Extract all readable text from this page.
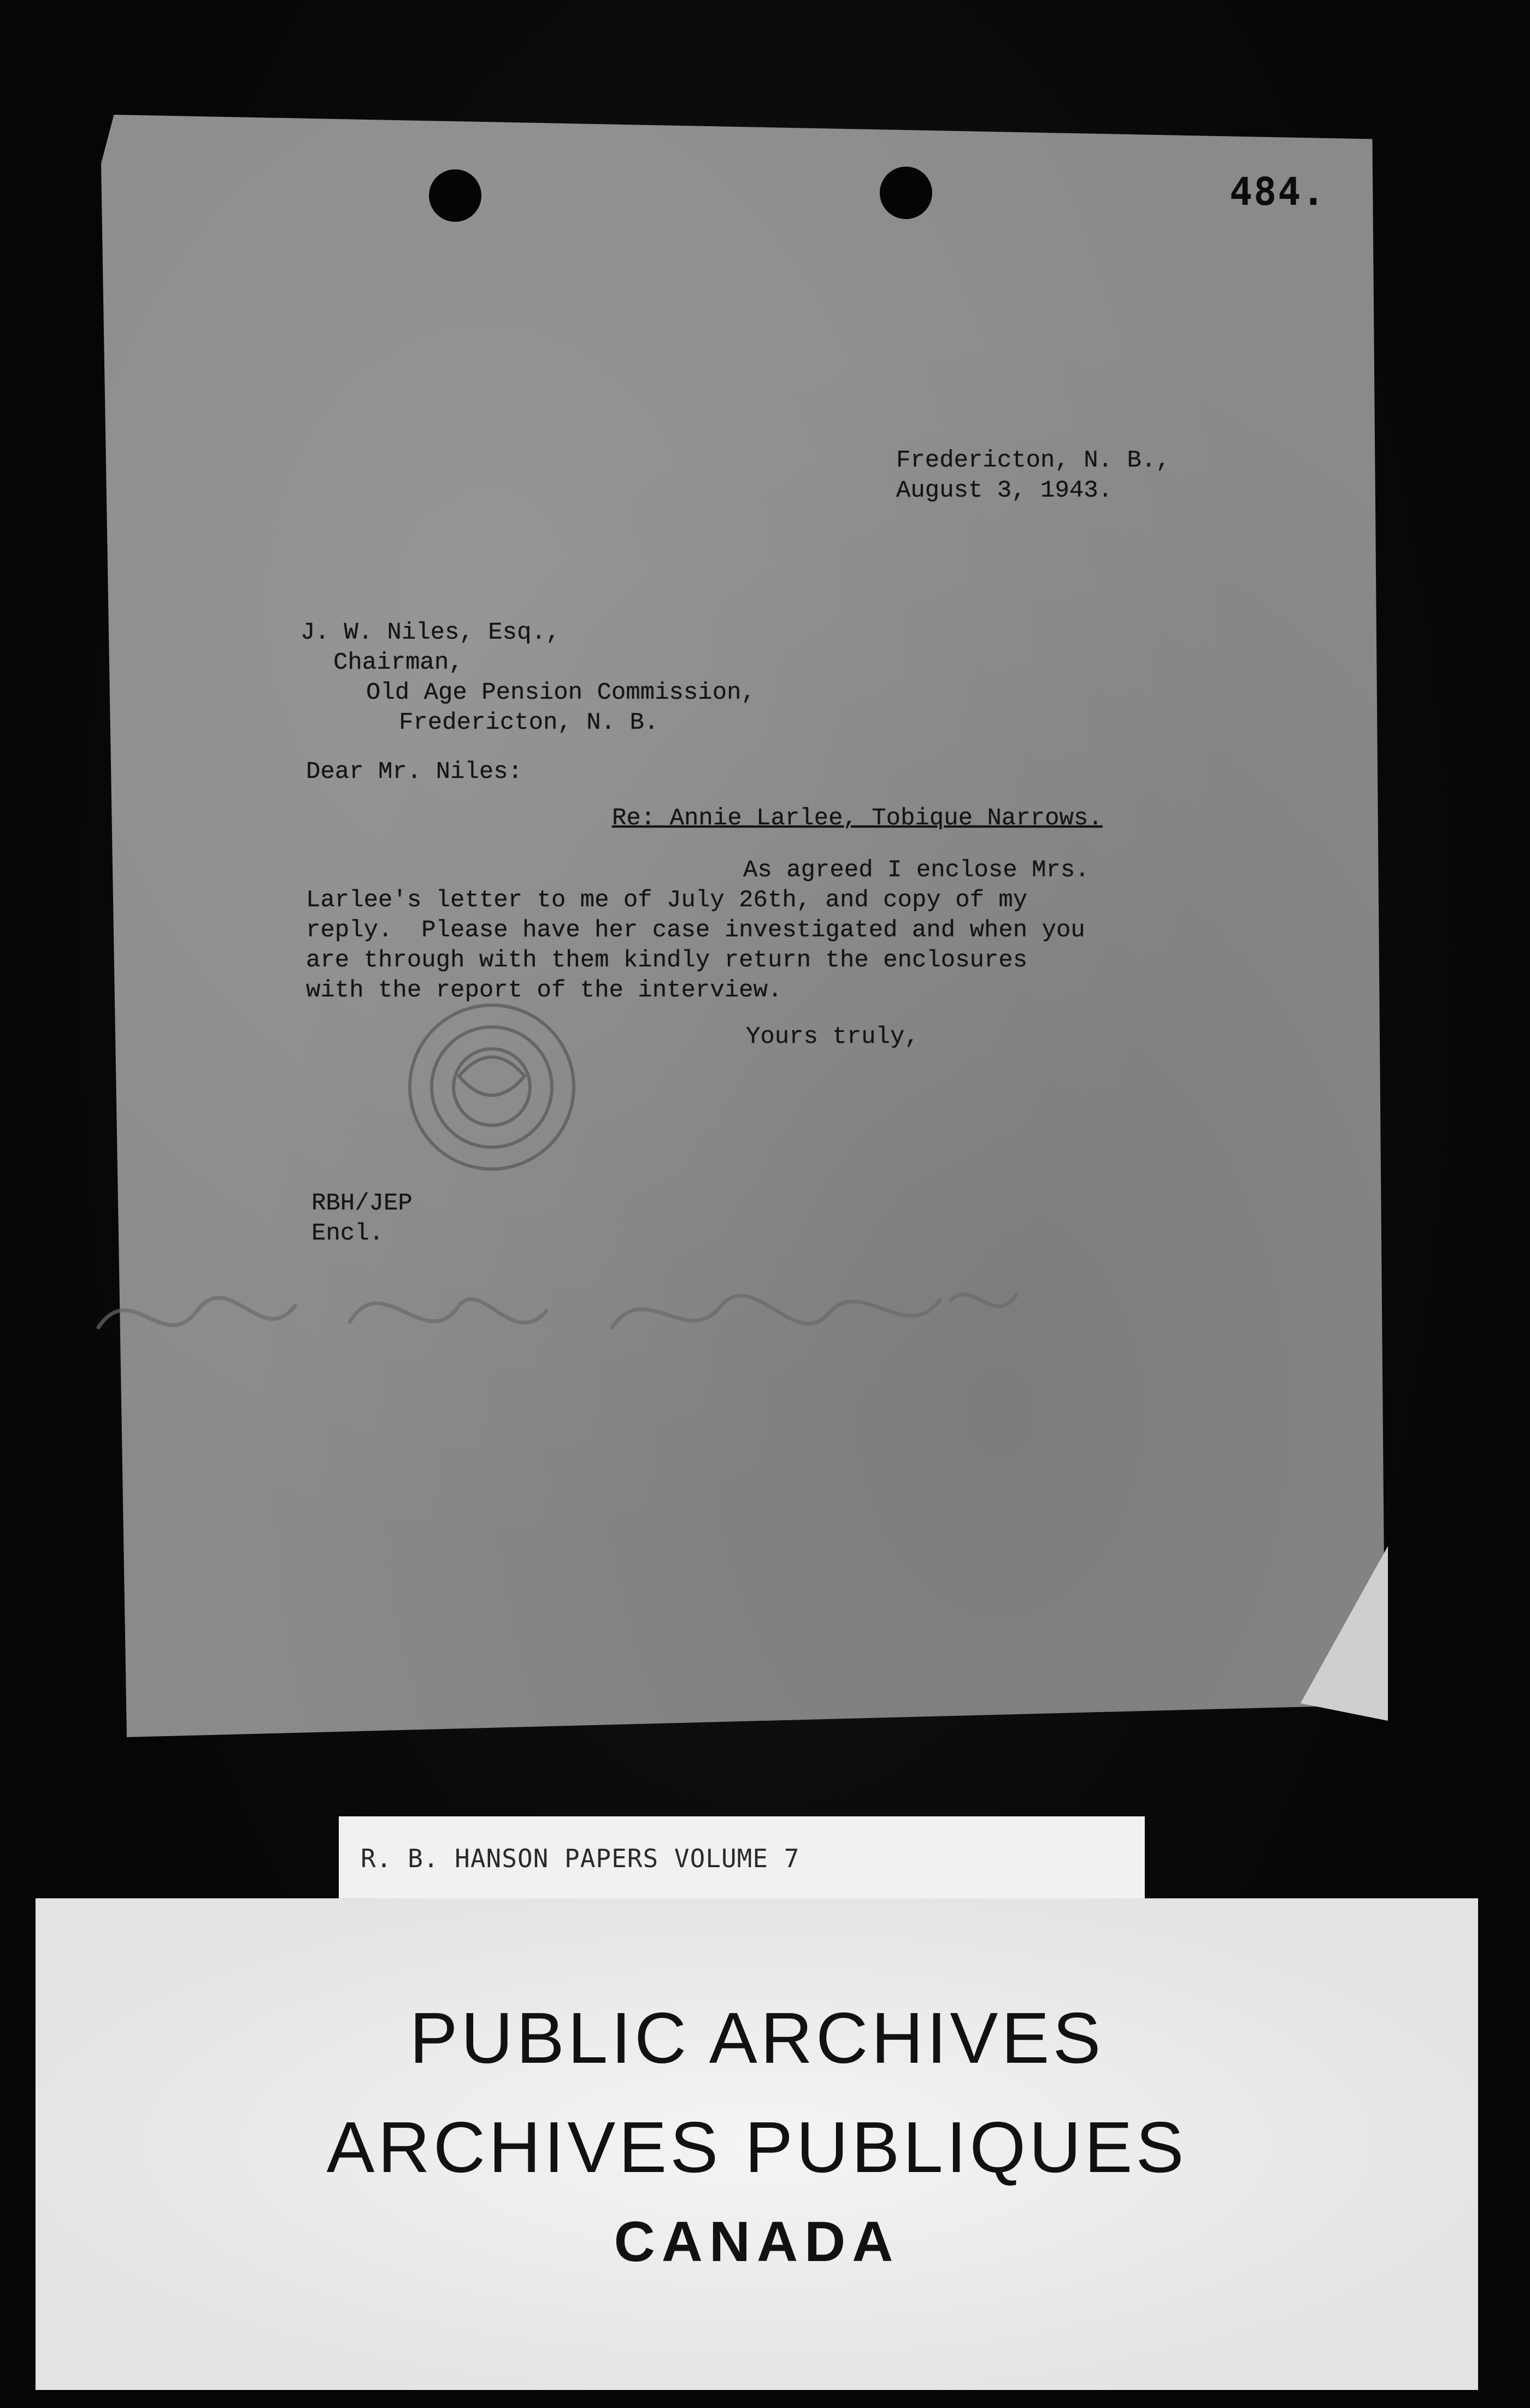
484.
Fredericton, N. B.,
August 3, 1943.
J. W. Niles, Esq.,
Chairman,
Old Age Pension Commission,
Fredericton, N. B.
Dear Mr. Niles:
Re: Annie Larlee, Tobique Narrows.
As agreed I enclose Mrs.
Larlee's letter to me of July 26th, and copy of my
reply.  Please have her case investigated and when you
are through with them kindly return the enclosures
with the report of the interview.
Yours truly,
RBH/JEP
Encl.
R. B. HANSON PAPERS VOLUME 7
PUBLIC ARCHIVES
ARCHIVES PUBLIQUES
CANADA
